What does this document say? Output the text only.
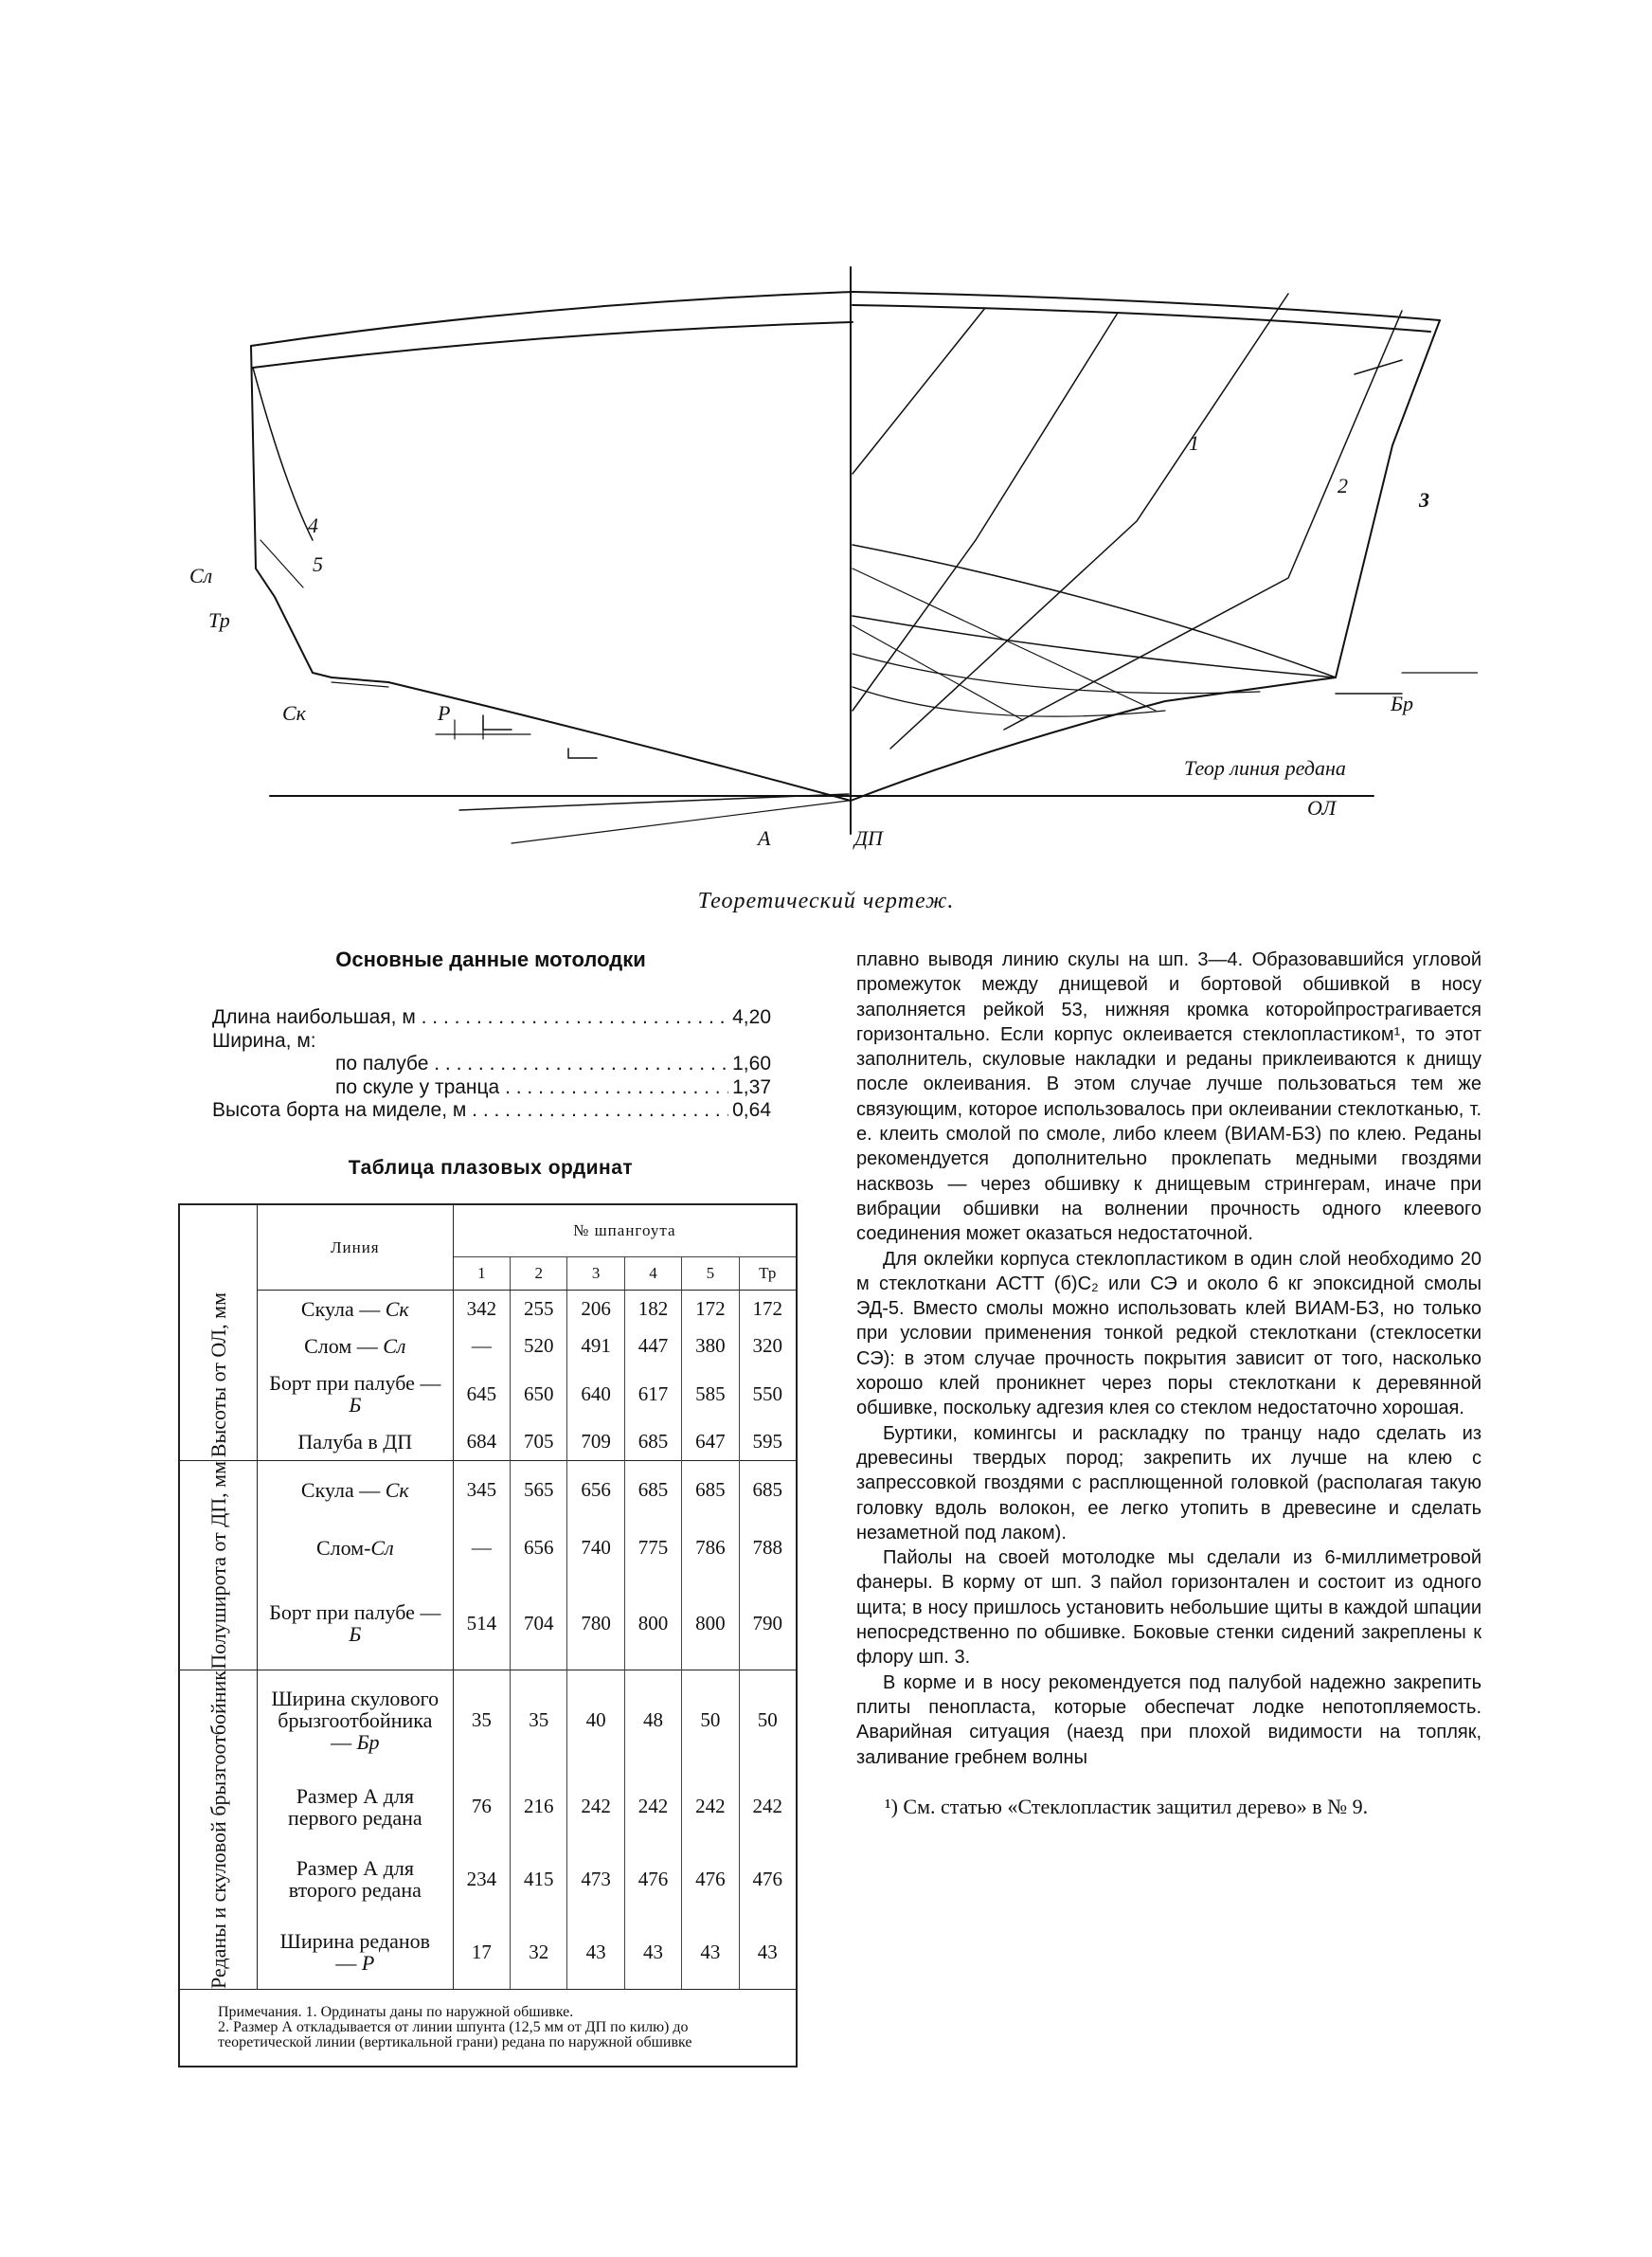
Сл
Тр
Ск	Р
А	ДП
ОЛ
Бр
Теор линия редана
1
2
3
4
5
Теоретический чертеж.
Основные данные мотолодки
Длина наибольшая, м . . .	4,20
Ширина, м:
по палубе . . .	1,60
по скуле у транца . . .	1,37
Высота борта на миделе, м . . .	0,64
Таблица плазовых ординат
	Линия	№ шпангоута					
		1	2	3	4	5	Тр

Высоты от ОЛ, мм	Скула — Ск	342	255	206	182	172	172
	Слом — Сл	—	520	491	447	380	320
	Борт при палубе — Б	645	650	640	617	585	550
	Палуба в ДП	684	705	709	685	647	595

Полуширота от ДП, мм	Скула — Ск	345	565	656	685	685	685
	Слом-Сл	—	656	740	775	786	788
	Борт при палубе — Б	514	704	780	800	800	790

Реданы и скуловой брызгоотбойник	Ширина скулового брызгоотбойника — Бр	35	35	40	48	50	50
	Размер А для первого редана	76	216	242	242	242	242
	Размер А для второго редана	234	415	473	476	476	476
	Ширина реданов — Р	17	32	43	43	43	43

Примечания. 1. Ординаты даны по наружной обшивке.

2. Размер А откладывается от линии шпунта (12,5 мм от ДП по килю) до теоретической линии (вертикальной грани) редана по наружной обшивке

плавно выводя линию скулы на шп. 3—4. Образовавшийся угловой промежуток между днищевой и бортовой обшивкой в носу заполняется рейкой 53, нижняя кромка которойпрострагивается горизонтально. Если корпус оклеивается стеклопластиком¹, то этот заполнитель, скуловые накладки и реданы приклеиваются к днищу после оклеивания. В этом случае лучше пользоваться тем же связующим, которое использовалось при оклеивании стеклотканью, т. е. клеить смолой по смоле, либо клеем (ВИАМ-БЗ) по клею. Реданы рекомендуется дополнительно проклепать медными гвоздями насквозь — через обшивку к днищевым стрингерам, иначе при вибрации обшивки на волнении прочность одного клеевого соединения может оказаться недостаточной.

Для оклейки корпуса стеклопластиком в один слой необходимо 20 м стеклоткани АСТТ (б)С₂ или СЭ и около 6 кг эпоксидной смолы ЭД-5. Вместо смолы можно использовать клей ВИАМ-БЗ, но только при условии применения тонкой редкой стеклоткани (стеклосетки СЭ): в этом случае прочность покрытия зависит от того, насколько хорошо клей проникнет через поры стеклоткани к деревянной обшивке, поскольку адгезия клея со стеклом недостаточно хорошая.

Буртики, комингсы и раскладку по транцу надо сделать из древесины твердых пород; закрепить их лучше на клею с запрессовкой гвоздями с расплющенной головкой (располагая такую головку вдоль волокон, ее легко утопить в древесине и сделать незаметной под лаком).

Пайолы на своей мотолодке мы сделали из 6-миллиметровой фанеры. В корму от шп. 3 пайол горизонтален и состоит из одного щита; в носу пришлось установить небольшие щиты в каждой шпации непосредственно по обшивке. Боковые стенки сидений закреплены к флору шп. 3.

В корме и в носу рекомендуется под палубой надежно закрепить плиты пенопласта, которые обеспечат лодке непотопляемость. Аварийная ситуация (наезд при плохой видимости на топляк, заливание гребнем волны

¹) См. статью «Стеклопластик защитил дерево» в № 9.
